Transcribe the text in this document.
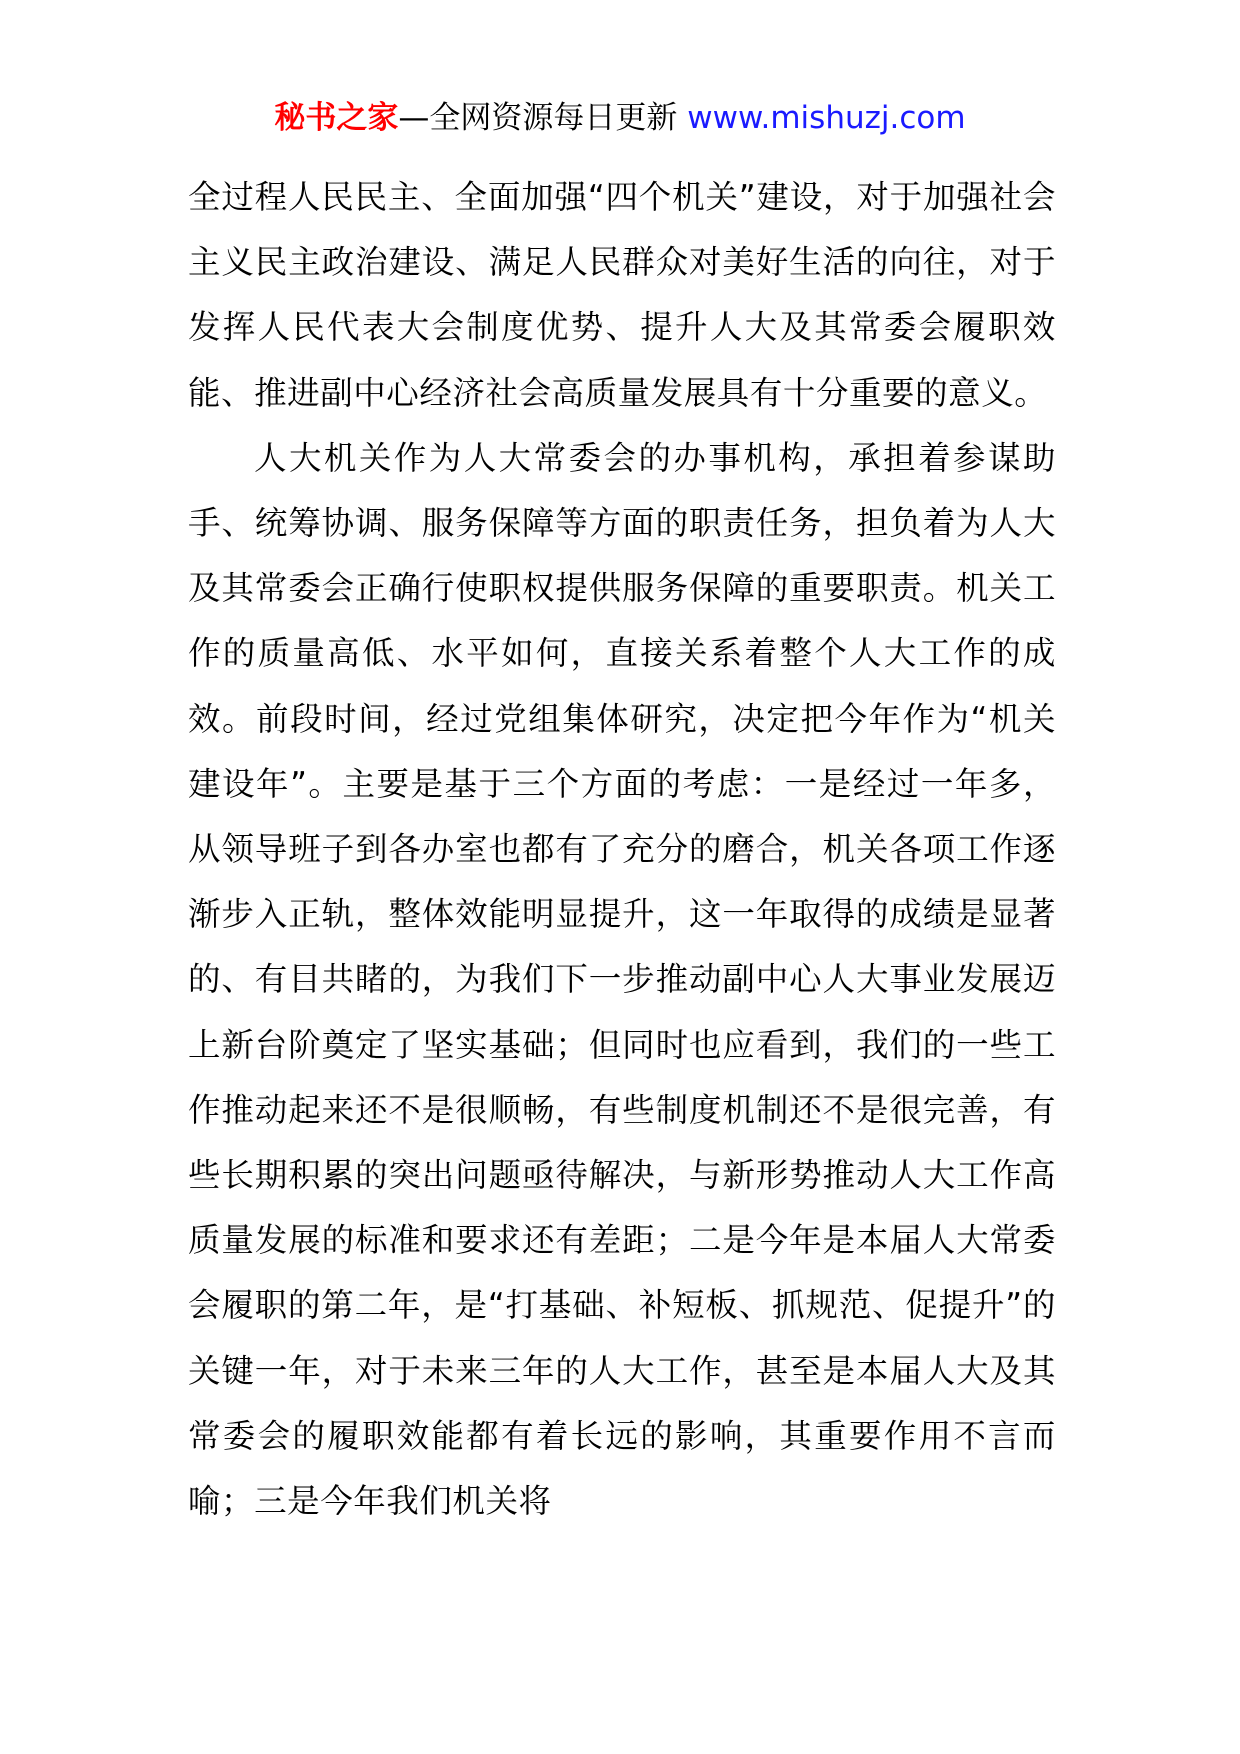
秘书之家—全网资源每日更新 www.mishuzj.com

全过程人民民主、全面加强“四个机关”建设，对于加强社会主义民主政治建设、满足人民群众对美好生活的向往，对于发挥人民代表大会制度优势、提升人大及其常委会履职效能、推进副中心经济社会高质量发展具有十分重要的意义。

人大机关作为人大常委会的办事机构，承担着参谋助手、统筹协调、服务保障等方面的职责任务，担负着为人大及其常委会正确行使职权提供服务保障的重要职责。机关工作的质量高低、水平如何，直接关系着整个人大工作的成效。前段时间，经过党组集体研究，决定把今年作为“机关建设年”。主要是基于三个方面的考虑：一是经过一年多，从领导班子到各办室也都有了充分的磨合，机关各项工作逐渐步入正轨，整体效能明显提升，这一年取得的成绩是显著的、有目共睹的，为我们下一步推动副中心人大事业发展迈上新台阶奠定了坚实基础；但同时也应看到，我们的一些工作推动起来还不是很顺畅，有些制度机制还不是很完善，有些长期积累的突出问题亟待解决，与新形势推动人大工作高质量发展的标准和要求还有差距；二是今年是本届人大常委会履职的第二年，是“打基础、补短板、抓规范、促提升”的关键一年，对于未来三年的人大工作，甚至是本届人大及其常委会的履职效能都有着长远的影响，其重要作用不言而喻；三是今年我们机关将
